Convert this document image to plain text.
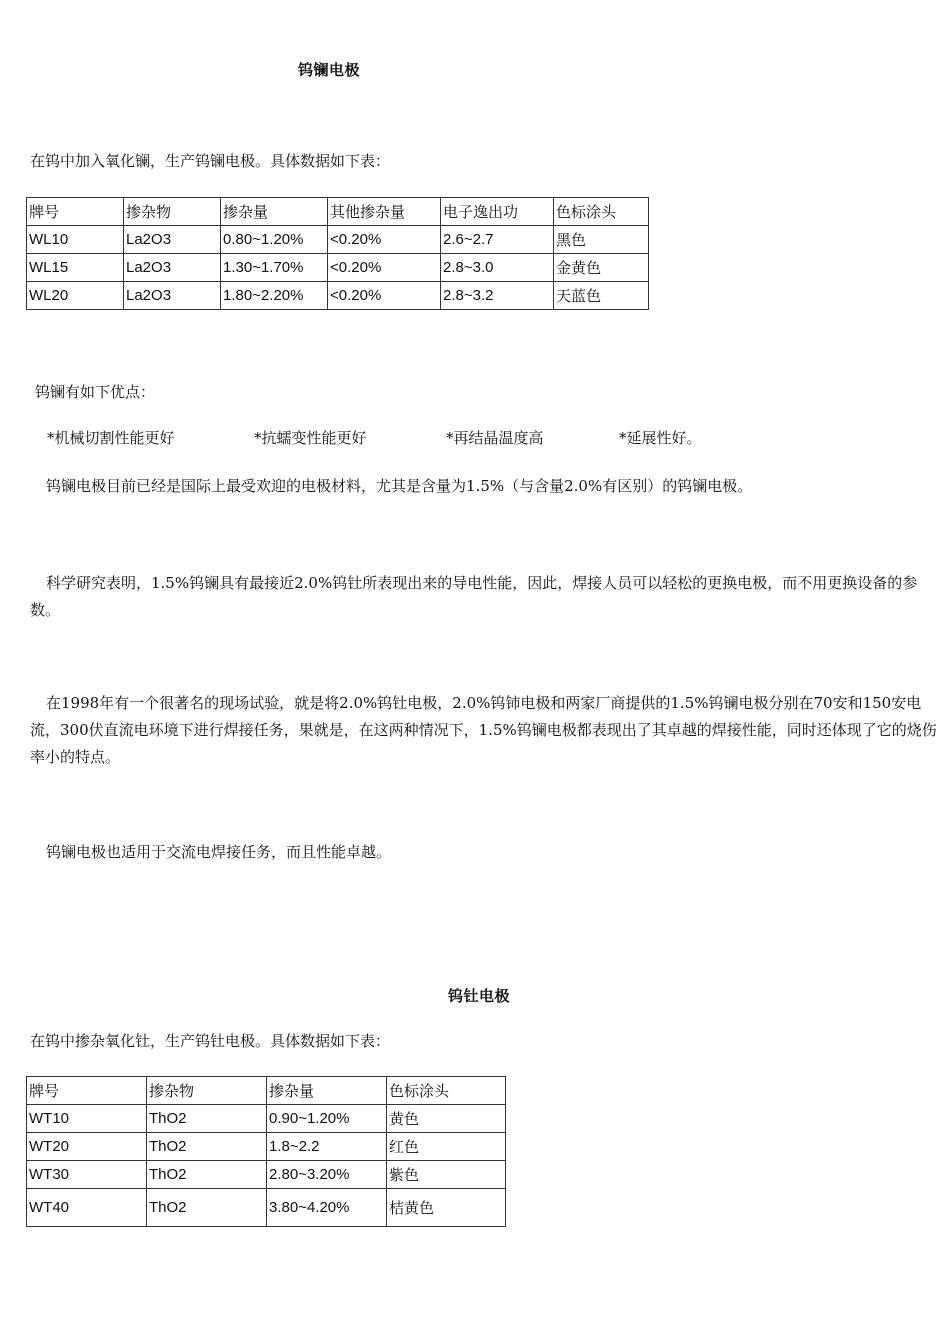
钨镧电极
在钨中加入氧化镧，生产钨镧电极。具体数据如下表：
牌号	掺杂物	掺杂量	其他掺杂量	电子逸出功	色标涂头
WL10	La2O3	0.80~1.20%	<0.20%	2.6~2.7	黑色
WL15	La2O3	1.30~1.70%	<0.20%	2.8~3.0	金黄色
WL20	La2O3	1.80~2.20%	<0.20%	2.8~3.2	天蓝色
钨镧有如下优点：
*机械切割性能更好	*抗蠕变性能更好	*再结晶温度高	*延展性好。
钨镧电极目前已经是国际上最受欢迎的电极材料，尤其是含量为1.5%（与含量2.0%有区别）的钨镧电极。
科学研究表明，1.5%钨镧具有最接近2.0%钨钍所表现出来的导电性能，因此，焊接人员可以轻松的更换电极，而不用更换设备的参数。
在1998年有一个很著名的现场试验，就是将2.0%钨钍电极，2.0%钨铈电极和两家厂商提供的1.5%钨镧电极分别在70安和150安电流，300伏直流电环境下进行焊接任务，果就是，在这两种情况下，1.5%钨镧电极都表现出了其卓越的焊接性能，同时还体现了它的烧伤率小的特点。
钨镧电极也适用于交流电焊接任务，而且性能卓越。
钨钍电极
在钨中掺杂氧化钍，生产钨钍电极。具体数据如下表：
牌号	掺杂物	掺杂量	色标涂头
WT10	ThO2	0.90~1.20%	黄色
WT20	ThO2	1.8~2.2	红色
WT30	ThO2	2.80~3.20%	紫色
WT40	ThO2	3.80~4.20%	桔黄色
